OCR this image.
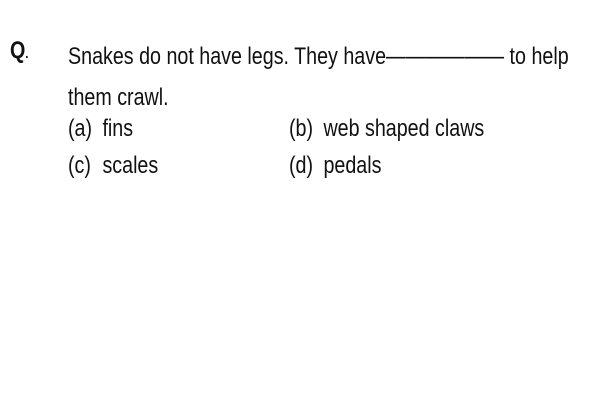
Q. Snakes do not have legs. They have—————— to help
them crawl.
(a) fins	(b) web shaped claws
(c) scales	(d) pedals
